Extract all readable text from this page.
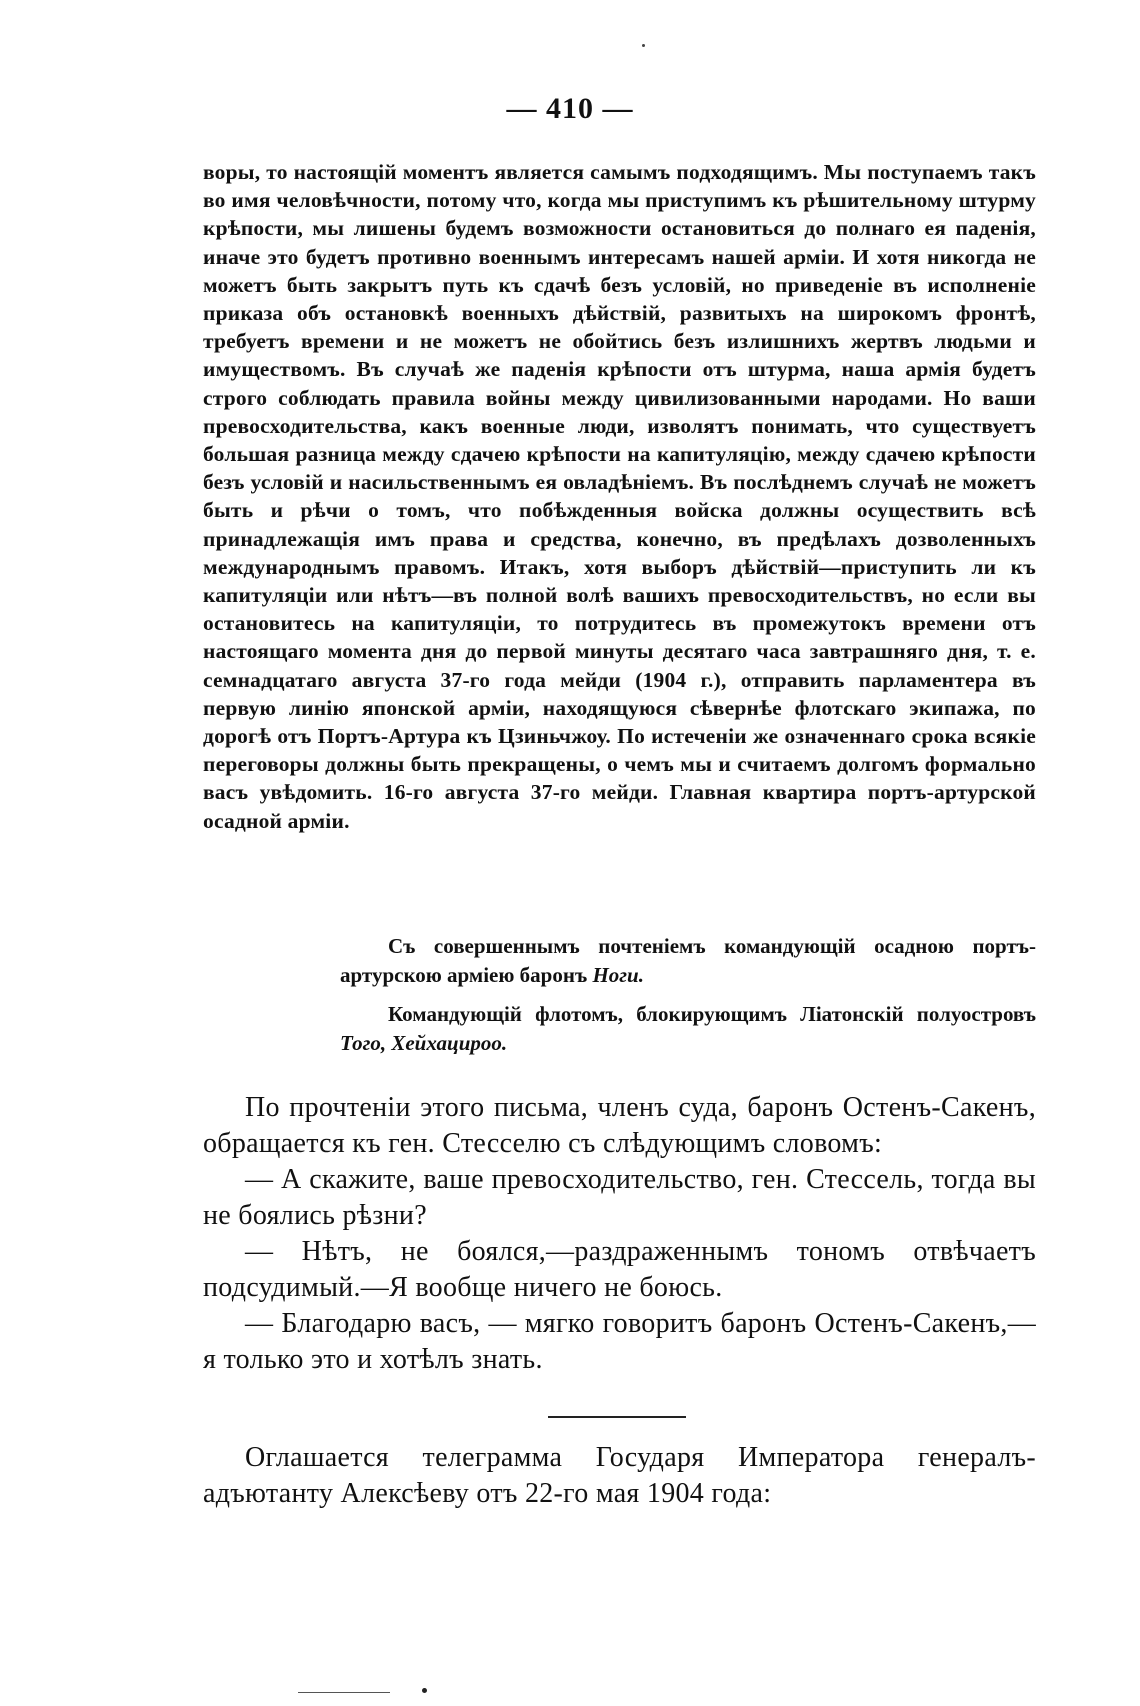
— 410 —
воры, то настоящій моментъ является самымъ подходящимъ. Мы поступаемъ такъ во имя человѣчности, потому что, когда мы приступимъ къ рѣшительному штурму крѣпости, мы лишены будемъ возможности остановиться до полнаго ея паденія, иначе это будетъ противно военнымъ интересамъ нашей арміи. И хотя никогда не можетъ быть закрытъ путь къ сдачѣ безъ условій, но приведеніе въ исполненіе приказа объ остановкѣ военныхъ дѣйствій, развитыхъ на широкомъ фронтѣ, требуетъ времени и не можетъ не обойтись безъ излишнихъ жертвъ людьми и имуществомъ. Въ случаѣ же паденія крѣпости отъ штурма, наша армія будетъ строго соблюдать правила войны между цивилизованными народами. Но ваши превосходительства, какъ военные люди, изволятъ понимать, что существуетъ большая разница между сдачею крѣпости на капитуляцію, между сдачею крѣпости безъ условій и насильственнымъ ея овладѣніемъ. Въ послѣднемъ случаѣ не можетъ быть и рѣчи о томъ, что побѣжденныя войска должны осуществить всѣ принадлежащія имъ права и средства, конечно, въ предѣлахъ дозволенныхъ международнымъ правомъ. Итакъ, хотя выборъ дѣйствій—приступить ли къ капитуляціи или нѣтъ—въ полной волѣ вашихъ превосходительствъ, но если вы остановитесь на капитуляціи, то потрудитесь въ промежутокъ времени отъ настоящаго момента дня до первой минуты десятаго часа завтрашняго дня, т. е. семнадцатаго августа 37-го года мейди (1904 г.), отправить парламентера въ первую линію японской арміи, находящуюся сѣвернѣе флотскаго экипажа, по дорогѣ отъ Портъ-Артура къ Цзиньчжоу. По истеченіи же означеннаго срока всякіе переговоры должны быть прекращены, о чемъ мы и считаемъ долгомъ формально васъ увѣдомить. 16-го августа 37-го мейди. Главная квартира портъ-артурской осадной арміи.

Съ совершеннымъ почтеніемъ командующій осадною портъ-артурскою арміею баронъ Ноги.

Командующій флотомъ, блокирующимъ Ліатонскій полуостровъ Того, Хейхацироо.

По прочтеніи этого письма, членъ суда, баронъ Остенъ-Сакенъ, обращается къ ген. Стесселю съ слѣдующимъ словомъ:

— А скажите, ваше превосходительство, ген. Стессель, тогда вы не боялись рѣзни?

— Нѣтъ, не боялся,—раздраженнымъ тономъ отвѣчаетъ подсудимый.—Я вообще ничего не боюсь.

— Благодарю васъ, — мягко говоритъ баронъ Остенъ-Сакенъ,—я только это и хотѣлъ знать.

Оглашается телеграмма Государя Императора генералъ-адъютанту Алексѣеву отъ 22-го мая 1904 года:
